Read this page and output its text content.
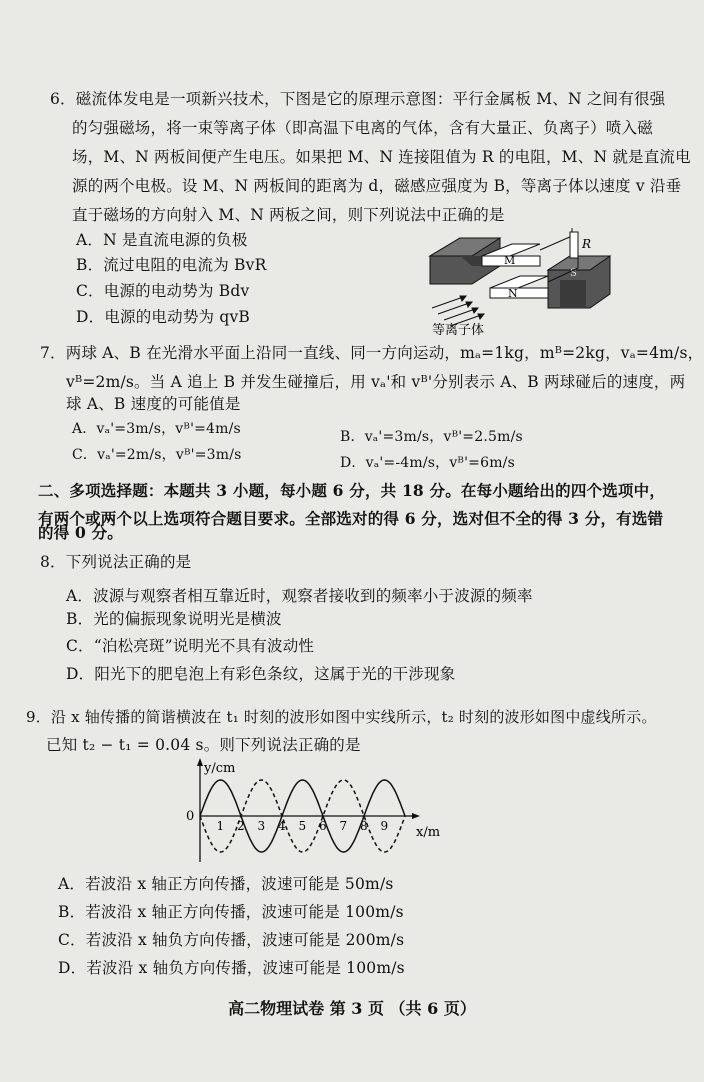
6．磁流体发电是一项新兴技术，下图是它的原理示意图：平行金属板 M、N 之间有很强
的匀强磁场，将一束等离子体（即高温下电离的气体，含有大量正、负离子）喷入磁
场，M、N 两板间便产生电压。如果把 M、N 连接阻值为 R 的电阻，M、N 就是直流电
源的两个电极。设 M、N 两板间的距离为 d，磁感应强度为 B，等离子体以速度 v 沿垂
直于磁场的方向射入 M、N 两板之间，则下列说法中正确的是
A．N 是直流电源的负极
B．流过电阻的电流为 BvR
C．电源的电动势为 Bdv
D．电源的电动势为 qvB
S
M
N
R
等离子体
7．两球 A、B 在光滑水平面上沿同一直线、同一方向运动，mₐ=1kg，mᴮ=2kg，vₐ=4m/s，
vᴮ=2m/s。当 A 追上 B 并发生碰撞后，用 vₐ'和 vᴮ'分别表示 A、B 两球碰后的速度，两
球 A、B 速度的可能值是
A．vₐ'=3m/s，vᴮ'=4m/s	B．vₐ'=3m/s，vᴮ'=2.5m/s
C．vₐ'=2m/s，vᴮ'=3m/s	D．vₐ'=-4m/s，vᴮ'=6m/s
二、多项选择题：本题共 3 小题，每小题 6 分，共 18 分。在每小题给出的四个选项中，
有两个或两个以上选项符合题目要求。全部选对的得 6 分，选对但不全的得 3 分，有选错
的得 0 分。
8．下列说法正确的是
A．波源与观察者相互靠近时，观察者接收到的频率小于波源的频率
B．光的偏振现象说明光是横波
C．“泊松亮斑”说明光不具有波动性
D．阳光下的肥皂泡上有彩色条纹，这属于光的干涉现象
9．沿 x 轴传播的简谐横波在 t₁ 时刻的波形如图中实线所示，t₂ 时刻的波形如图中虚线所示。
已知 t₂ − t₁ = 0.04 s。则下列说法正确的是
y/cm
x/m
0
1 2 3 4 5 6 7 8 9
A．若波沿 x 轴正方向传播，波速可能是 50m/s
B．若波沿 x 轴正方向传播，波速可能是 100m/s
C．若波沿 x 轴负方向传播，波速可能是 200m/s
D．若波沿 x 轴负方向传播，波速可能是 100m/s
高二物理试卷 第 3 页 （共 6 页）
